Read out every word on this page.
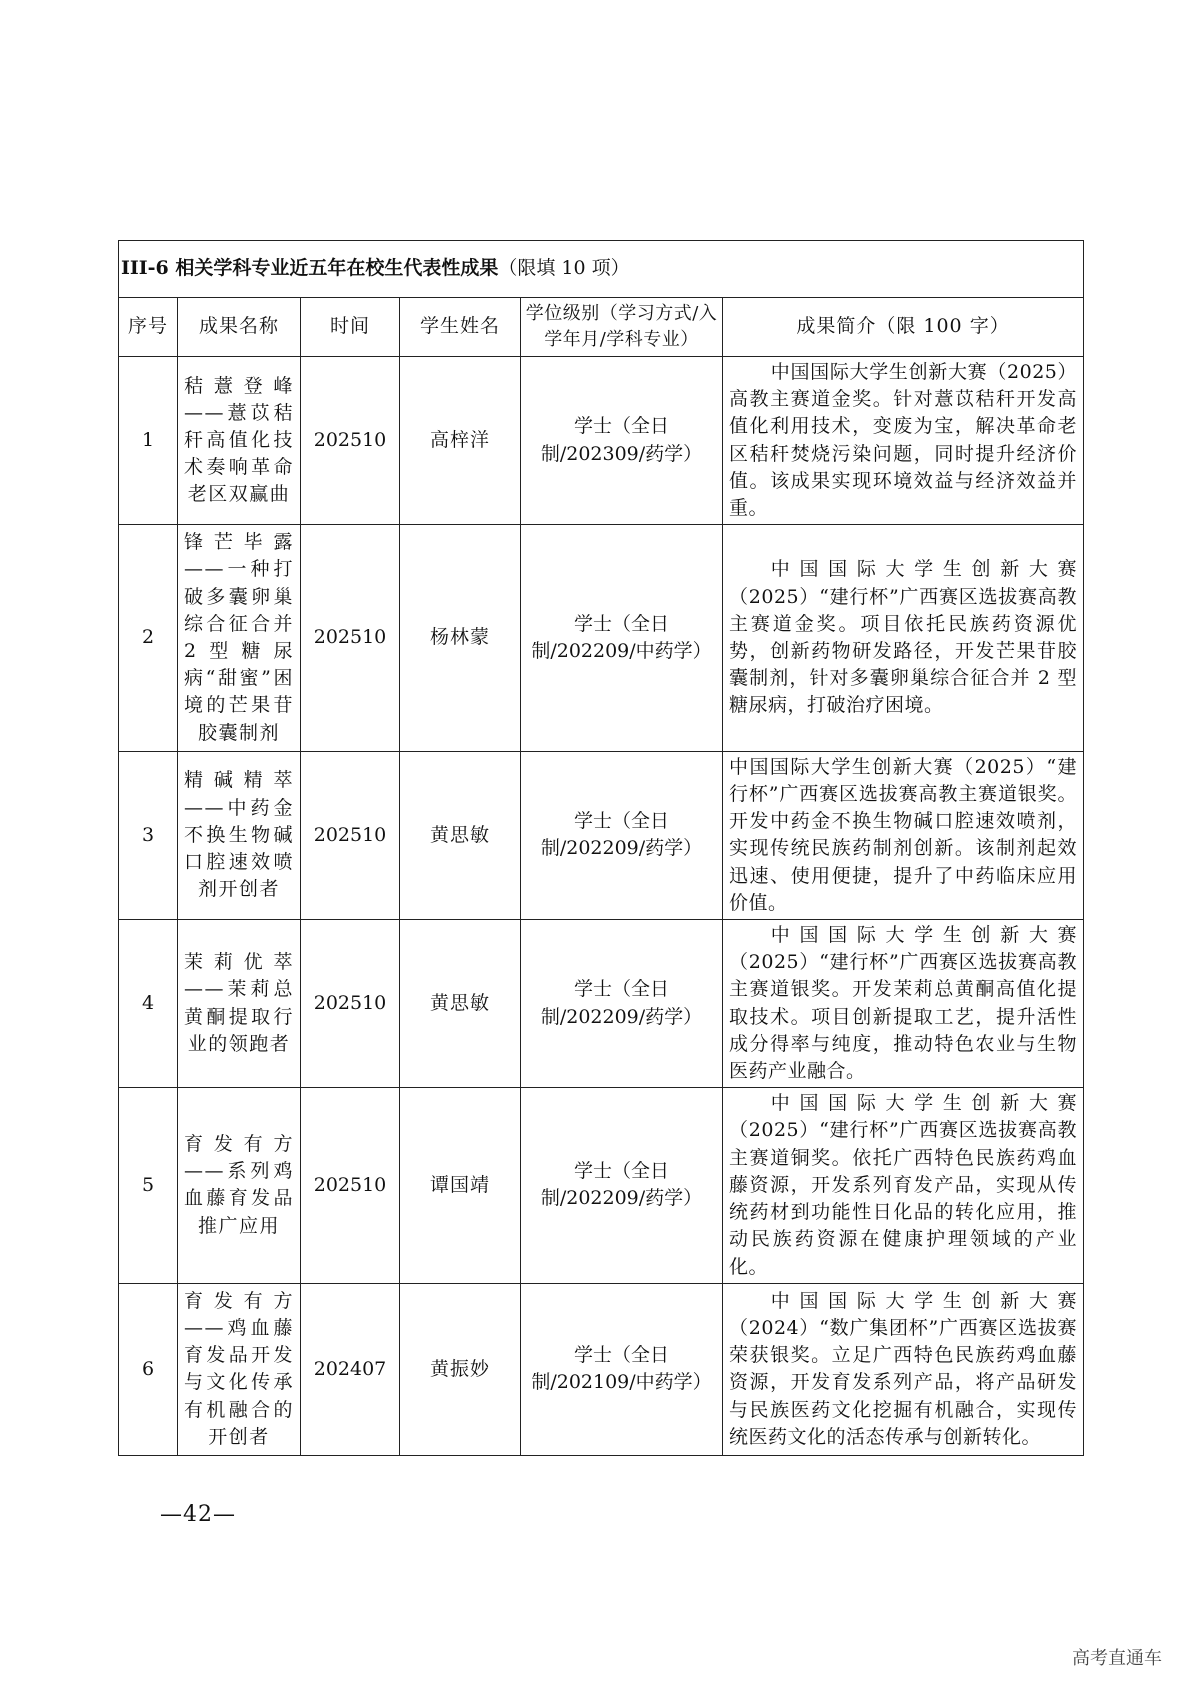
III-6 相关学科专业近五年在校生代表性成果（限填 10 项）					
序号	成果名称	时间	学生姓名	学位级别（学习方式/入学年月/学科专业）	成果简介（限 100 字）
1	秸薏登峰——薏苡秸秆高值化技术奏响革命老区双赢曲	202510	高梓洋	学士（全日制/202309/药学）	中国国际大学生创新大赛（2025）高教主赛道金奖。针对薏苡秸秆开发高值化利用技术，变废为宝，解决革命老区秸秆焚烧污染问题，同时提升经济价值。该成果实现环境效益与经济效益并重。
2	锋芒毕露——一种打破多囊卵巢综合征合并2型糖尿病“甜蜜”困境的芒果苷胶囊制剂	202510	杨林蒙	学士（全日制/202209/中药学）	中国国际大学生创新大赛（2025）“建行杯”广西赛区选拔赛高教主赛道金奖。项目依托民族药资源优势，创新药物研发路径，开发芒果苷胶囊制剂，针对多囊卵巢综合征合并 2 型糖尿病，打破治疗困境。
3	精碱精萃——中药金不换生物碱口腔速效喷剂开创者	202510	黄思敏	学士（全日制/202209/药学）	中国国际大学生创新大赛（2025）“建行杯”广西赛区选拔赛高教主赛道银奖。开发中药金不换生物碱口腔速效喷剂，实现传统民族药制剂创新。该制剂起效迅速、使用便捷，提升了中药临床应用价值。
4	茉莉优萃——茉莉总黄酮提取行业的领跑者	202510	黄思敏	学士（全日制/202209/药学）	中国国际大学生创新大赛（2025）“建行杯”广西赛区选拔赛高教主赛道银奖。开发茉莉总黄酮高值化提取技术。项目创新提取工艺，提升活性成分得率与纯度，推动特色农业与生物医药产业融合。
5	育发有方——系列鸡血藤育发品推广应用	202510	谭国靖	学士（全日制/202209/药学）	中国国际大学生创新大赛（2025）“建行杯”广西赛区选拔赛高教主赛道铜奖。依托广西特色民族药鸡血藤资源，开发系列育发产品，实现从传统药材到功能性日化品的转化应用，推动民族药资源在健康护理领域的产业化。
6	育发有方——鸡血藤育发品开发与文化传承有机融合的开创者	202407	黄振妙	学士（全日制/202109/中药学）	中国国际大学生创新大赛（2024）“数广集团杯”广西赛区选拔赛荣获银奖。立足广西特色民族药鸡血藤资源，开发育发系列产品，将产品研发与民族医药文化挖掘有机融合，实现传统医药文化的活态传承与创新转化。
—42—
高考直通车
